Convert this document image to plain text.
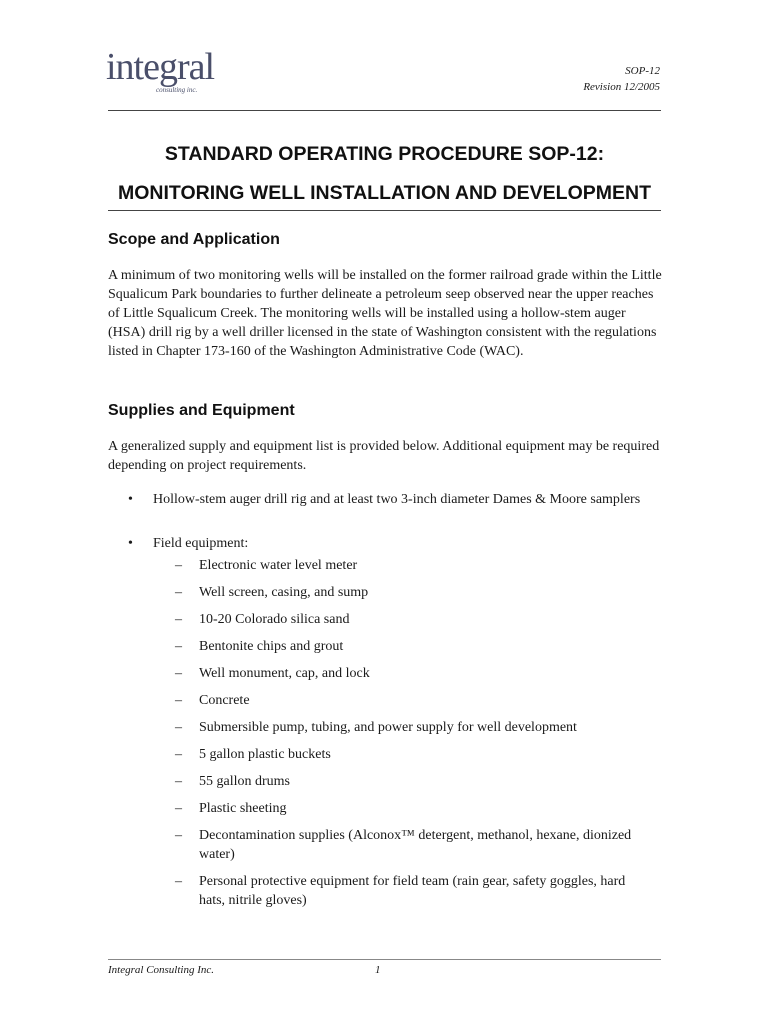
integral
consulting inc.
SOP-12
Revision 12/2005
STANDARD OPERATING PROCEDURE SOP-12:
MONITORING WELL INSTALLATION AND DEVELOPMENT
Scope and Application

A minimum of two monitoring wells will be installed on the former railroad grade within the Little Squalicum Park boundaries to further delineate a petroleum seep observed near the upper reaches of Little Squalicum Creek. The monitoring wells will be installed using a hollow-stem auger (HSA) drill rig by a well driller licensed in the state of Washington consistent with the regulations listed in Chapter 173-160 of the Washington Administrative Code (WAC).

Supplies and Equipment

A generalized supply and equipment list is provided below. Additional equipment may be required depending on project requirements.

• Hollow-stem auger drill rig and at least two 3-inch diameter Dames & Moore samplers
• Field equipment:
– Electronic water level meter
– Well screen, casing, and sump
– 10-20 Colorado silica sand
– Bentonite chips and grout
– Well monument, cap, and lock
– Concrete
– Submersible pump, tubing, and power supply for well development
– 5 gallon plastic buckets
– 55 gallon drums
– Plastic sheeting
– Decontamination supplies (Alconox™ detergent, methanol, hexane, dionized water)
– Personal protective equipment for field team (rain gear, safety goggles, hard hats, nitrile gloves)
Integral Consulting Inc.	1
